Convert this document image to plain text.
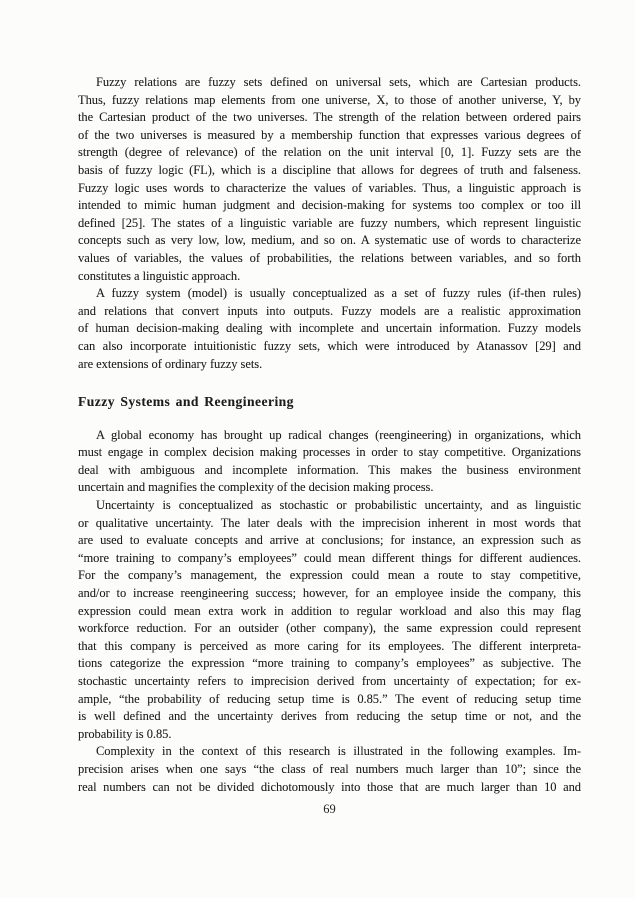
Fuzzy relations are fuzzy sets defined on universal sets, which are Cartesian products.
Thus, fuzzy relations map elements from one universe, X, to those of another universe, Y, by
the Cartesian product of the two universes. The strength of the relation between ordered pairs
of the two universes is measured by a membership function that expresses various degrees of
strength (degree of relevance) of the relation on the unit interval [0, 1]. Fuzzy sets are the
basis of fuzzy logic (FL), which is a discipline that allows for degrees of truth and falseness.
Fuzzy logic uses words to characterize the values of variables. Thus, a linguistic approach is
intended to mimic human judgment and decision-making for systems too complex or too ill
defined [25]. The states of a linguistic variable are fuzzy numbers, which represent linguistic
concepts such as very low, low, medium, and so on. A systematic use of words to characterize
values of variables, the values of probabilities, the relations between variables, and so forth
constitutes a linguistic approach.

A fuzzy system (model) is usually conceptualized as a set of fuzzy rules (if-then rules)
and relations that convert inputs into outputs. Fuzzy models are a realistic approximation
of human decision-making dealing with incomplete and uncertain information. Fuzzy models
can also incorporate intuitionistic fuzzy sets, which were introduced by Atanassov [29] and
are extensions of ordinary fuzzy sets.

Fuzzy Systems and Reengineering

A global economy has brought up radical changes (reengineering) in organizations, which
must engage in complex decision making processes in order to stay competitive. Organizations
deal with ambiguous and incomplete information. This makes the business environment
uncertain and magnifies the complexity of the decision making process.

Uncertainty is conceptualized as stochastic or probabilistic uncertainty, and as linguistic
or qualitative uncertainty. The later deals with the imprecision inherent in most words that
are used to evaluate concepts and arrive at conclusions; for instance, an expression such as
“more training to company’s employees” could mean different things for different audiences.
For the company’s management, the expression could mean a route to stay competitive,
and/or to increase reengineering success; however, for an employee inside the company, this
expression could mean extra work in addition to regular workload and also this may flag
workforce reduction. For an outsider (other company), the same expression could represent
that this company is perceived as more caring for its employees. The different interpreta-
tions categorize the expression “more training to company’s employees” as subjective. The
stochastic uncertainty refers to imprecision derived from uncertainty of expectation; for ex-
ample, “the probability of reducing setup time is 0.85.” The event of reducing setup time
is well defined and the uncertainty derives from reducing the setup time or not, and the
probability is 0.85.

Complexity in the context of this research is illustrated in the following examples. Im-
precision arises when one says “the class of real numbers much larger than 10”; since the
real numbers can not be divided dichotomously into those that are much larger than 10 and

69
